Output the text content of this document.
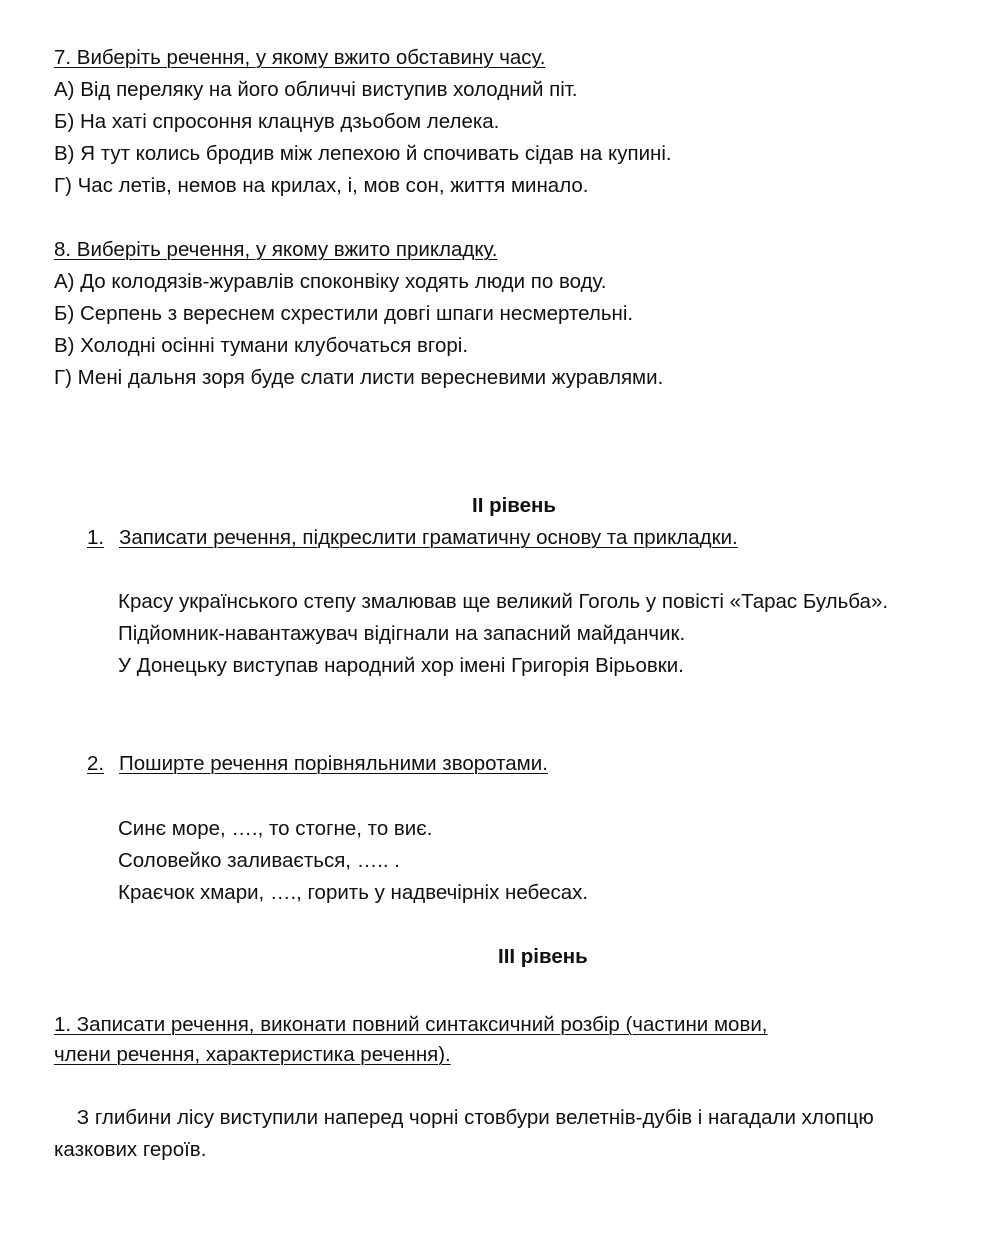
7. Виберіть речення, у якому вжито обставину часу.
А) Від переляку на його обличчі виступив холодний піт.
Б) На хаті спросоння клацнув дзьобом лелека.
В) Я тут колись бродив між лепехою й спочивать сідав на купині.
Г) Час летів, немов на крилах, і, мов сон, життя минало.
8. Виберіть речення, у якому вжито прикладку.
А) До колодязів-журавлів споконвіку ходять люди по воду.
Б) Серпень з вереснем схрестили довгі шпаги несмертельні.
В) Холодні осінні тумани клубочаться вгорі.
Г) Мені дальня зоря буде слати листи вересневими журавлями.
ІІ рівень
1. Записати речення, підкреслити граматичну основу та прикладки.
Красу українського степу змалював ще великий Гоголь у повісті «Тарас Бульба».
Підйомник-навантажувач відігнали на запасний майданчик.
У Донецьку виступав народний хор імені Григорія Вірьовки.
2. Поширте речення порівняльними зворотами.
Синє море, …., то стогне, то виє.
Соловейко заливається, ….. .
Краєчок хмари, …., горить у надвечірніх небесах.
ІІІ рівень
1. Записати речення, виконати повний синтаксичний розбір (частини мови,
члени речення, характеристика речення).
З глибини лісу виступили наперед чорні стовбури велетнів-дубів і нагадали хлопцю
казкових героїв.
